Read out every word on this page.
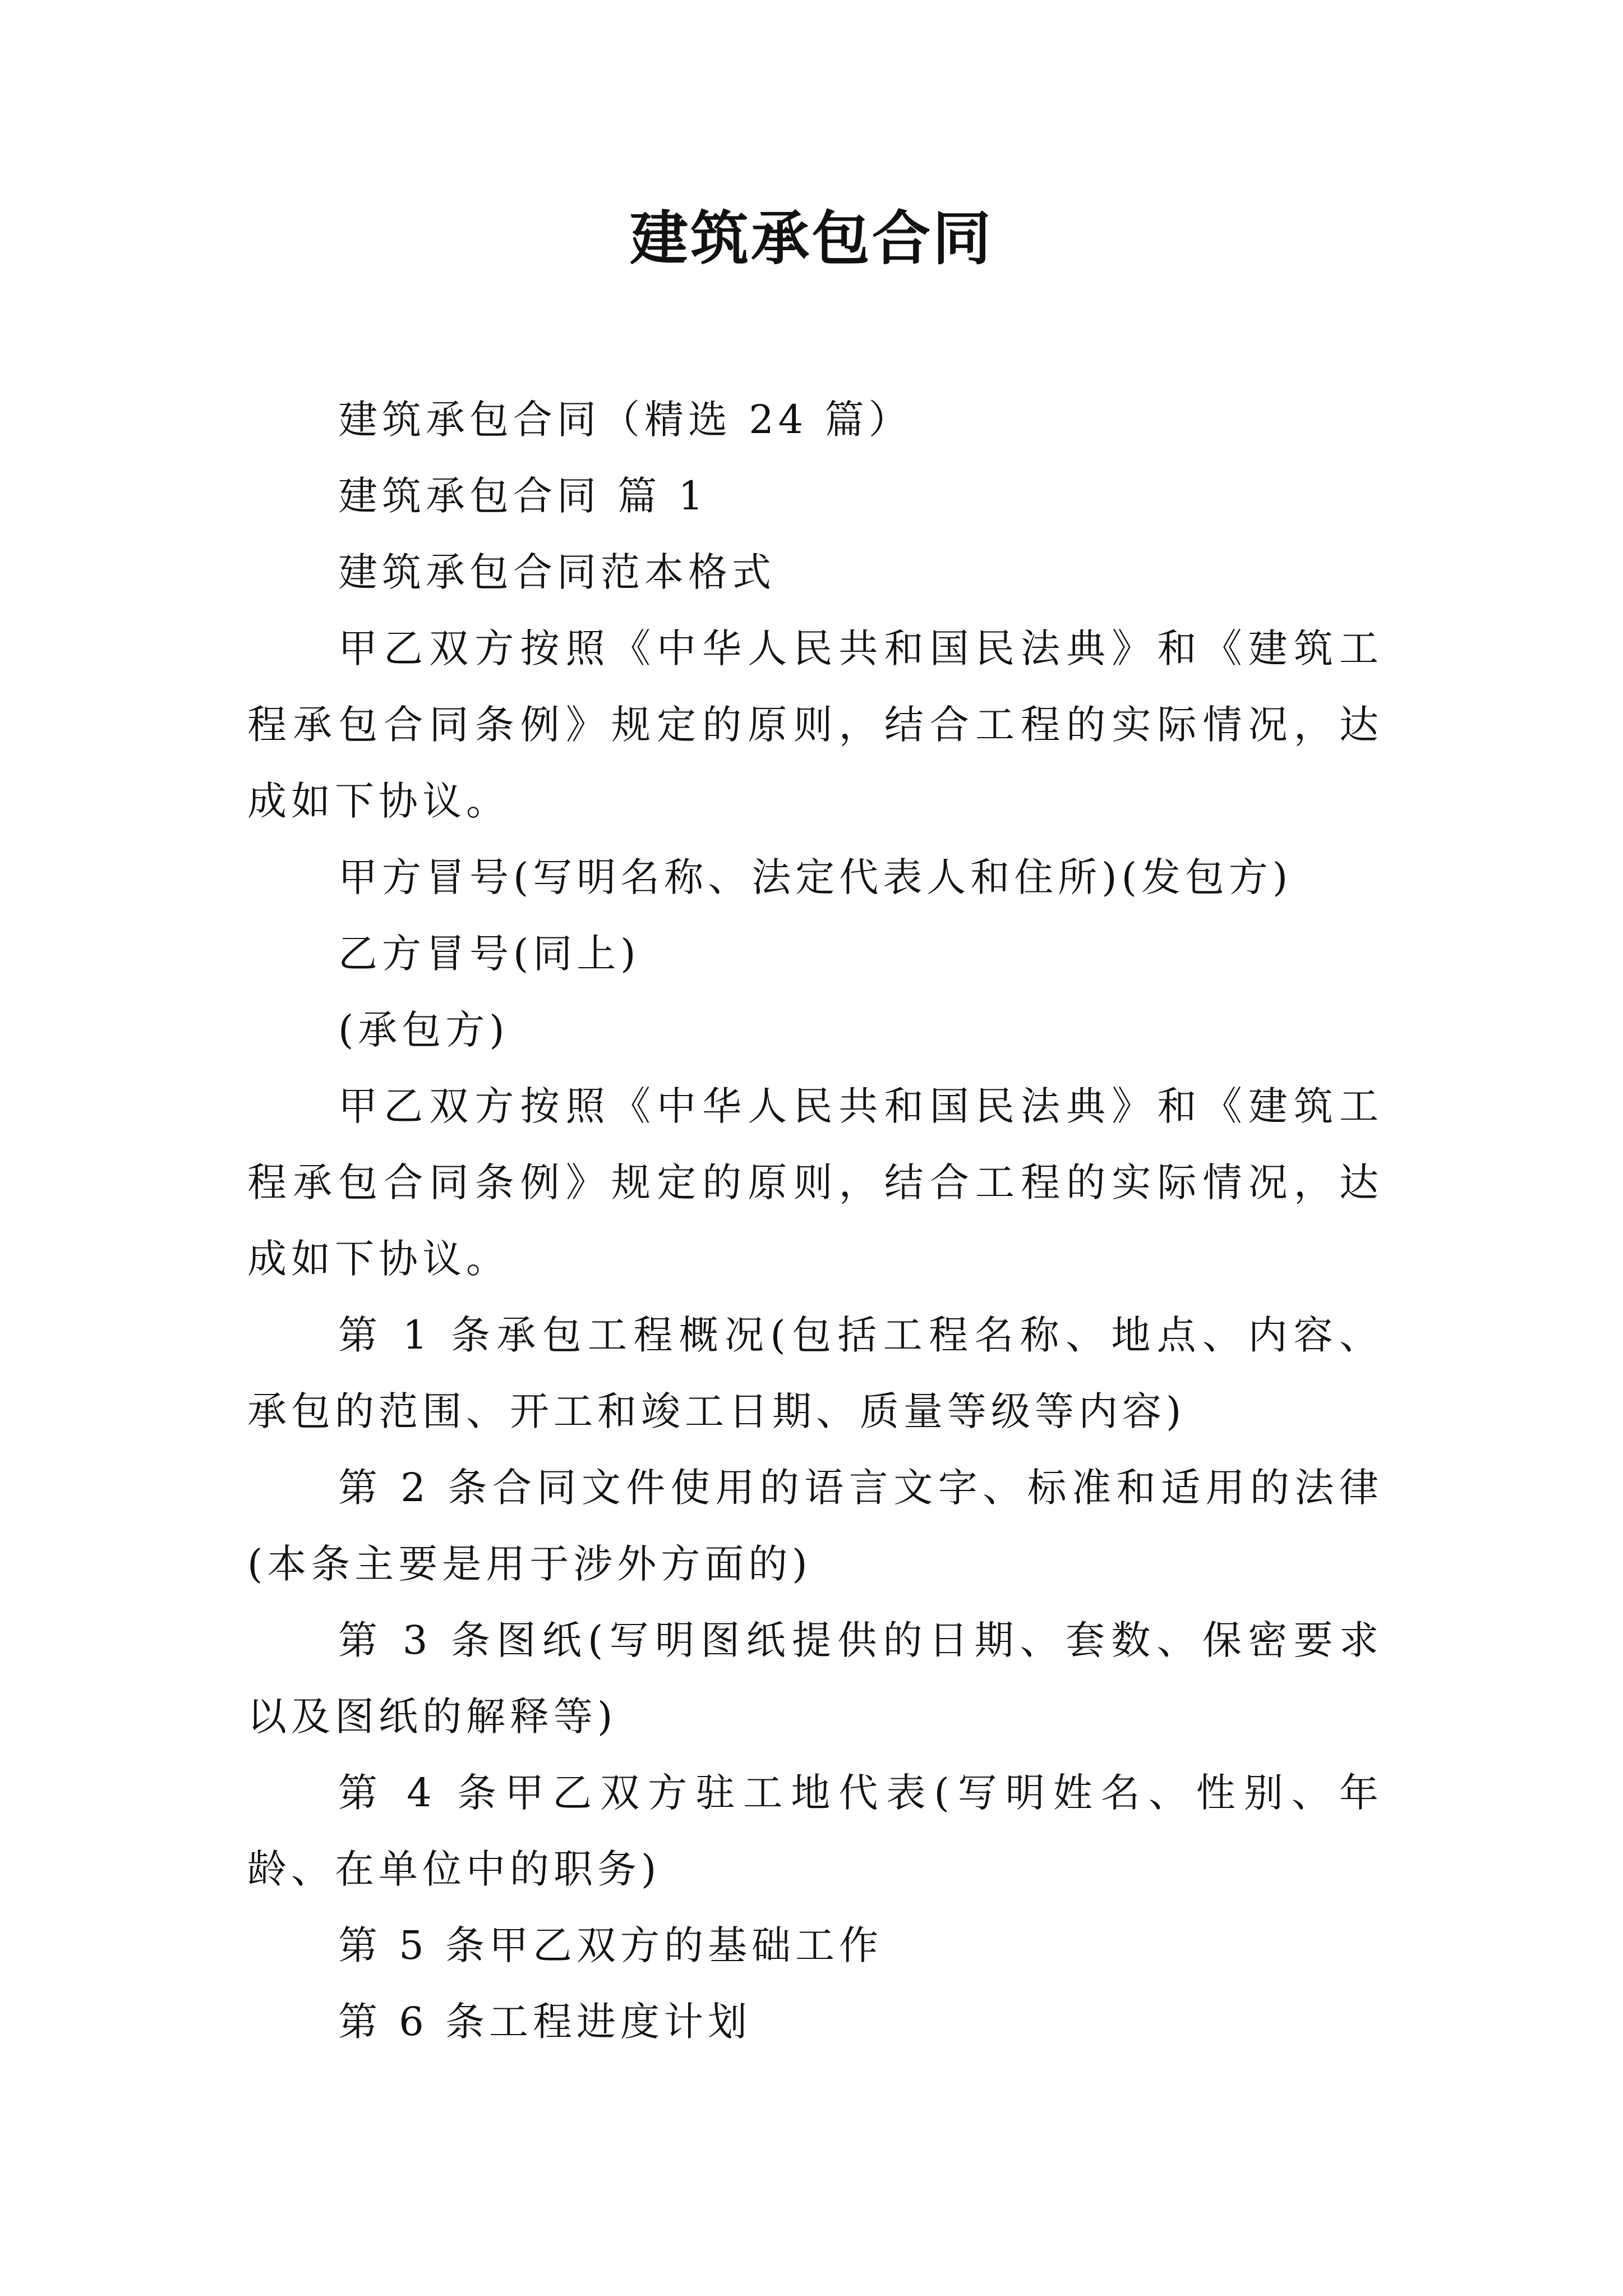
建筑承包合同

建筑承包合同（精选 24 篇）

建筑承包合同 篇 1

建筑承包合同范本格式

甲乙双方按照《中华人民共和国民法典》和《建筑工程承包合同条例》规定的原则，结合工程的实际情况，达成如下协议。

甲方冒号(写明名称、法定代表人和住所)(发包方)

乙方冒号(同上)

(承包方)

甲乙双方按照《中华人民共和国民法典》和《建筑工程承包合同条例》规定的原则，结合工程的实际情况，达成如下协议。

第 1 条承包工程概况(包括工程名称、地点、内容、承包的范围、开工和竣工日期、质量等级等内容)

第 2 条合同文件使用的语言文字、标准和适用的法律(本条主要是用于涉外方面的)

第 3 条图纸(写明图纸提供的日期、套数、保密要求以及图纸的解释等)

第 4 条甲乙双方驻工地代表(写明姓名、性别、年龄、在单位中的职务)

第 5 条甲乙双方的基础工作

第 6 条工程进度计划
